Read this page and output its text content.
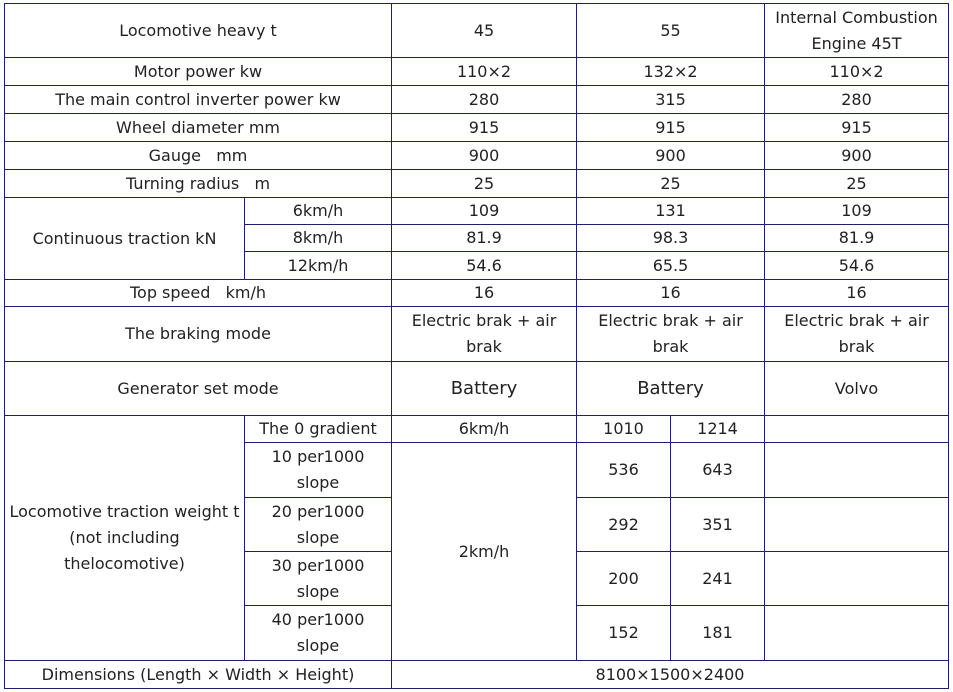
Locomotive heavy t		45	55		Internal Combustion Engine 45T
Motor power kw		110×2	132×2		110×2
The main control inverter power kw		280	315		280
Wheel diameter mm		915	915		915
Gauge   mm		900	900		900
Turning radius   m		25	25		25
Continuous traction kN	6km/h	109	131		109
	8km/h	81.9	98.3		81.9
	12km/h	54.6	65.5		54.6
Top speed   km/h		16	16		16
The braking mode		Electric brak + air brak	Electric brak + air brak		Electric brak + air brak
Generator set mode		Battery	Battery		Volvo
Locomotive traction weight t (not including thelocomotive)	The 0 gradient	6km/h	1010	1214	
	10 per1000 slope	2km/h	536	643	
	20 per1000 slope		292	351	
	30 per1000 slope		200	241	
	40 per1000 slope		152	181	
Dimensions (Length × Width × Height)		8100×1500×2400			
